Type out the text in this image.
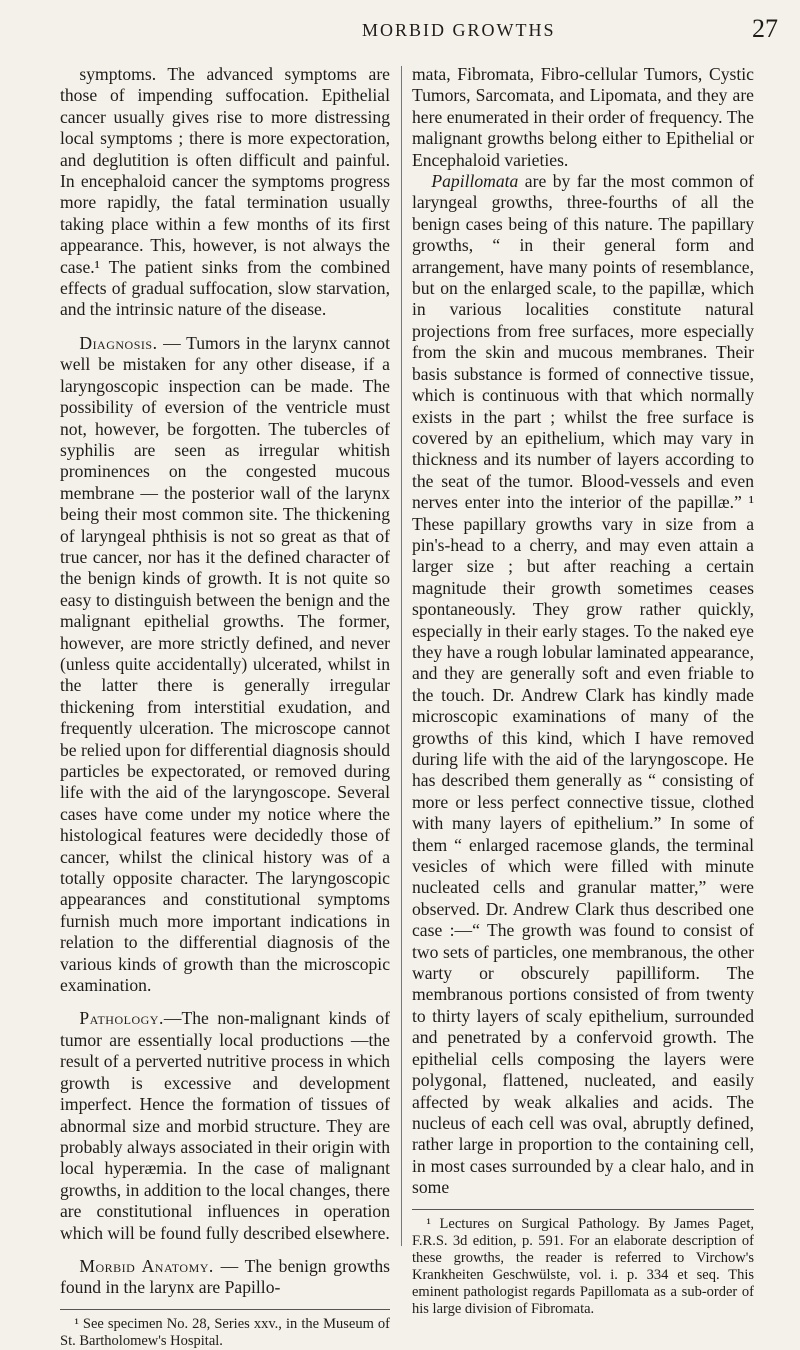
MORBID GROWTHS	27

symptoms. The advanced symptoms are those of impending suffocation. Epithelial cancer usually gives rise to more distressing local symptoms ; there is more expectoration, and deglutition is often difficult and painful. In encephaloid cancer the symptoms progress more rapidly, the fatal termination usually taking place within a few months of its first appearance. This, however, is not always the case.¹ The patient sinks from the combined effects of gradual suffocation, slow starvation, and the intrinsic nature of the disease.

Diagnosis. — Tumors in the larynx cannot well be mistaken for any other disease, if a laryngoscopic inspection can be made. The possibility of eversion of the ventricle must not, however, be forgotten. The tubercles of syphilis are seen as irregular whitish prominences on the congested mucous membrane — the posterior wall of the larynx being their most common site. The thickening of laryngeal phthisis is not so great as that of true cancer, nor has it the defined character of the benign kinds of growth. It is not quite so easy to distinguish between the benign and the malignant epithelial growths. The former, however, are more strictly defined, and never (unless quite accidentally) ulcerated, whilst in the latter there is generally irregular thickening from interstitial exudation, and frequently ulceration. The microscope cannot be relied upon for differential diagnosis should particles be expectorated, or removed during life with the aid of the laryngoscope. Several cases have come under my notice where the histological features were decidedly those of cancer, whilst the clinical history was of a totally opposite character. The laryngoscopic appearances and constitutional symptoms furnish much more important indications in relation to the differential diagnosis of the various kinds of growth than the microscopic examination.

Pathology.—The non-malignant kinds of tumor are essentially local productions —the result of a perverted nutritive process in which growth is excessive and development imperfect. Hence the formation of tissues of abnormal size and morbid structure. They are probably always associated in their origin with local hyperæmia. In the case of malignant growths, in addition to the local changes, there are constitutional influences in operation which will be found fully described elsewhere.

Morbid Anatomy. — The benign growths found in the larynx are Papillo-

¹ See specimen No. 28, Series xxv., in the Museum of St. Bartholomew's Hospital.

mata, Fibromata, Fibro-cellular Tumors, Cystic Tumors, Sarcomata, and Lipomata, and they are here enumerated in their order of frequency. The malignant growths belong either to Epithelial or Encephaloid varieties.

Papillomata are by far the most common of laryngeal growths, three-fourths of all the benign cases being of this nature. The papillary growths, “ in their general form and arrangement, have many points of resemblance, but on the enlarged scale, to the papillæ, which in various localities constitute natural projections from free surfaces, more especially from the skin and mucous membranes. Their basis substance is formed of connective tissue, which is continuous with that which normally exists in the part ; whilst the free surface is covered by an epithelium, which may vary in thickness and its number of layers according to the seat of the tumor. Blood-vessels and even nerves enter into the interior of the papillæ.” ¹ These papillary growths vary in size from a pin's-head to a cherry, and may even attain a larger size ; but after reaching a certain magnitude their growth sometimes ceases spontaneously. They grow rather quickly, especially in their early stages. To the naked eye they have a rough lobular laminated appearance, and they are generally soft and even friable to the touch. Dr. Andrew Clark has kindly made microscopic examinations of many of the growths of this kind, which I have removed during life with the aid of the laryngoscope. He has described them generally as “ consisting of more or less perfect connective tissue, clothed with many layers of epithelium.” In some of them “ enlarged racemose glands, the terminal vesicles of which were filled with minute nucleated cells and granular matter,” were observed. Dr. Andrew Clark thus described one case :—“ The growth was found to consist of two sets of particles, one membranous, the other warty or obscurely papilliform. The membranous portions consisted of from twenty to thirty layers of scaly epithelium, surrounded and penetrated by a confervoid growth. The epithelial cells composing the layers were polygonal, flattened, nucleated, and easily affected by weak alkalies and acids. The nucleus of each cell was oval, abruptly defined, rather large in proportion to the containing cell, in most cases surrounded by a clear halo, and in some

¹ Lectures on Surgical Pathology. By James Paget, F.R.S. 3d edition, p. 591. For an elaborate description of these growths, the reader is referred to Virchow's Krankheiten Geschwülste, vol. i. p. 334 et seq. This eminent pathologist regards Papillomata as a sub-order of his large division of Fibromata.
